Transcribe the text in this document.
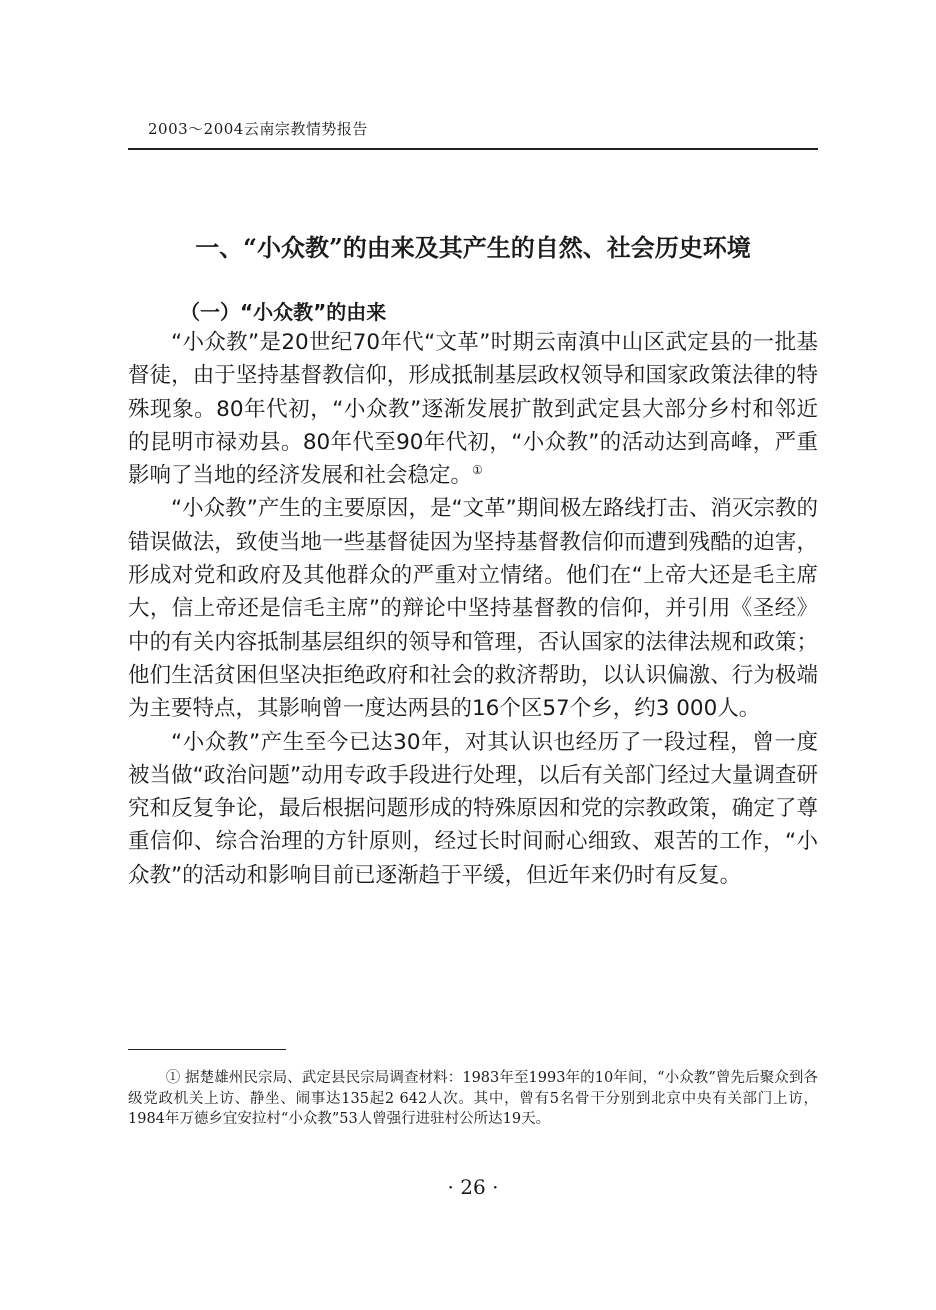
2003～2004云南宗教情势报告
一、“小众教”的由来及其产生的自然、社会历史环境
（一）“小众教”的由来

“小众教”是20世纪70年代“文革”时期云南滇中山区武定县的一批基督徒，由于坚持基督教信仰，形成抵制基层政权领导和国家政策法律的特殊现象。80年代初，“小众教”逐渐发展扩散到武定县大部分乡村和邻近的昆明市禄劝县。80年代至90年代初，“小众教”的活动达到高峰，严重影响了当地的经济发展和社会稳定。①

“小众教”产生的主要原因，是“文革”期间极左路线打击、消灭宗教的错误做法，致使当地一些基督徒因为坚持基督教信仰而遭到残酷的迫害，形成对党和政府及其他群众的严重对立情绪。他们在“上帝大还是毛主席大，信上帝还是信毛主席”的辩论中坚持基督教的信仰，并引用《圣经》中的有关内容抵制基层组织的领导和管理，否认国家的法律法规和政策；他们生活贫困但坚决拒绝政府和社会的救济帮助，以认识偏激、行为极端为主要特点，其影响曾一度达两县的16个区57个乡，约3 000人。

“小众教”产生至今已达30年，对其认识也经历了一段过程，曾一度被当做“政治问题”动用专政手段进行处理，以后有关部门经过大量调查研究和反复争论，最后根据问题形成的特殊原因和党的宗教政策，确定了尊重信仰、综合治理的方针原则，经过长时间耐心细致、艰苦的工作，“小众教”的活动和影响目前已逐渐趋于平缓，但近年来仍时有反复。

① 据楚雄州民宗局、武定县民宗局调查材料：1983年至1993年的10年间，“小众教”曾先后聚众到各级党政机关上访、静坐、闹事达135起2 642人次。其中，曾有5名骨干分别到北京中央有关部门上访，1984年万德乡宜安拉村“小众教”53人曾强行进驻村公所达19天。

· 26 ·
